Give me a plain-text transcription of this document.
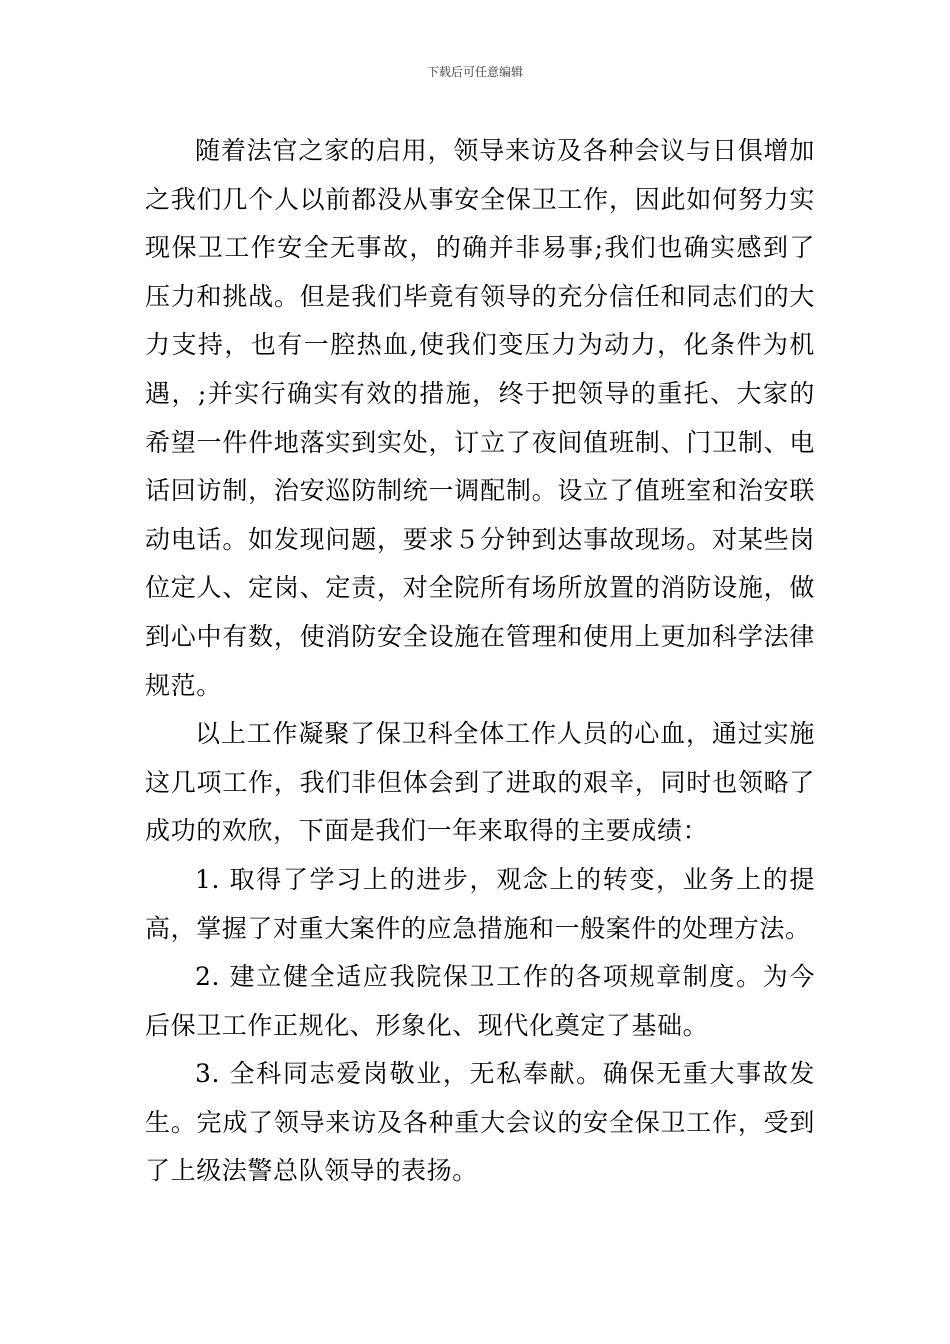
下载后可任意编辑

随着法官之家的启用，领导来访及各种会议与日俱增加之我们几个人以前都没从事安全保卫工作，因此如何努力实现保卫工作安全无事故，的确并非易事;我们也确实感到了压力和挑战。但是我们毕竟有领导的充分信任和同志们的大力支持，也有一腔热血,使我们变压力为动力，化条件为机遇，;并实行确实有效的措施，终于把领导的重托、大家的希望一件件地落实到实处，订立了夜间值班制、门卫制、电话回访制，治安巡防制统一调配制。设立了值班室和治安联动电话。如发现问题，要求５分钟到达事故现场。对某些岗位定人、定岗、定责，对全院所有场所放置的消防设施，做到心中有数，使消防安全设施在管理和使用上更加科学法律规范。

以上工作凝聚了保卫科全体工作人员的心血，通过实施这几项工作，我们非但体会到了进取的艰辛，同时也领略了成功的欢欣，下面是我们一年来取得的主要成绩：

1. 取得了学习上的进步，观念上的转变，业务上的提高，掌握了对重大案件的应急措施和一般案件的处理方法。

2. 建立健全适应我院保卫工作的各项规章制度。为今后保卫工作正规化、形象化、现代化奠定了基础。

3. 全科同志爱岗敬业，无私奉献。确保无重大事故发生。完成了领导来访及各种重大会议的安全保卫工作，受到了上级法警总队领导的表扬。
